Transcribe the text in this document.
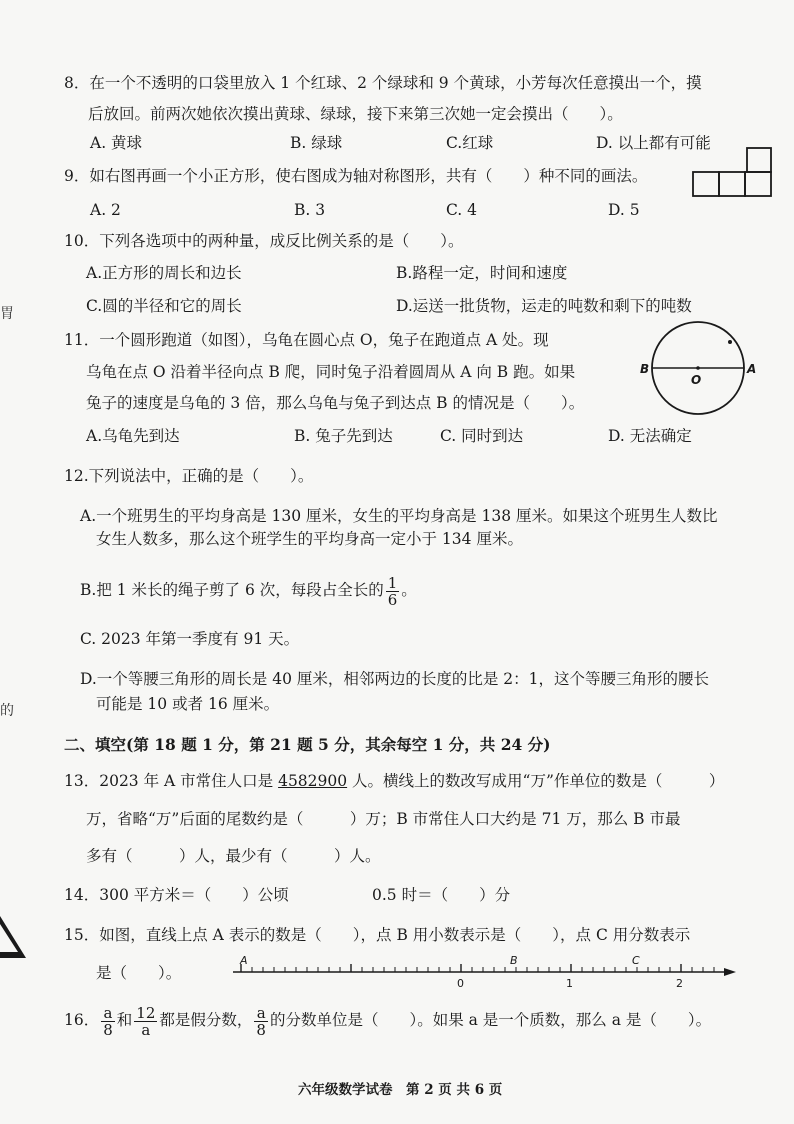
8．在一个不透明的口袋里放入 1 个红球、2 个绿球和 9 个黄球，小芳每次任意摸出一个，摸
后放回。前两次她依次摸出黄球、绿球，接下来第三次她一定会摸出（　　）。
A. 黄球	B. 绿球	C.红球	D. 以上都有可能
9．如右图再画一个小正方形，使右图成为轴对称图形，共有（　　）种不同的画法。
A. 2	B. 3	C. 4	D. 5
10．下列各选项中的两种量，成反比例关系的是（　　）。
A.正方形的周长和边长	B.路程一定，时间和速度
C.圆的半径和它的周长	D.运送一批货物，运走的吨数和剩下的吨数
11．一个圆形跑道（如图），乌龟在圆心点 O，兔子在跑道点 A 处。现
乌龟在点 O 沿着半径向点 B 爬，同时兔子沿着圆周从 A 向 B 跑。如果
兔子的速度是乌龟的 3 倍，那么乌龟与兔子到达点 B 的情况是（　　）。
A.乌龟先到达	B. 兔子先到达	C. 同时到达	D. 无法确定
B
O
A
12.下列说法中，正确的是（　　）。
A.一个班男生的平均身高是 130 厘米，女生的平均身高是 138 厘米。如果这个班男生人数比
女生人数多，那么这个班学生的平均身高一定小于 134 厘米。
B.把 1 米长的绳子剪了 6 次，每段占全长的 $\frac{1}{6}$ 。
C. 2023 年第一季度有 91 天。
D.一个等腰三角形的周长是 40 厘米，相邻两边的长度的比是 2：1，这个等腰三角形的腰长
可能是 10 或者 16 厘米。
二、填空(第 18 题 1 分，第 21 题 5 分，其余每空 1 分，共 24 分)
13．2023 年 A 市常住人口是 4582900 人。横线上的数改写成用“万”作单位的数是（　　　）
万，省略“万”后面的尾数约是（　　　）万；B 市常住人口大约是 71 万，那么 B 市最
多有（　　　）人，最少有（　　　）人。
14．300 平方米＝（　　）公顷	0.5 时＝（　　）分
15．如图，直线上点 A 表示的数是（　　），点 B 用小数表示是（　　），点 C 用分数表示
是（　　）。
A	B	C
0	1	2
16． $\frac{a}{8}$ 和 $\frac{12}{a}$ 都是假分数， $\frac{a}{8}$ 的分数单位是（　　）。如果 a 是一个质数，那么 a 是（　　）。
六年级数学试卷　第 2 页 共 6 页
胃
的
